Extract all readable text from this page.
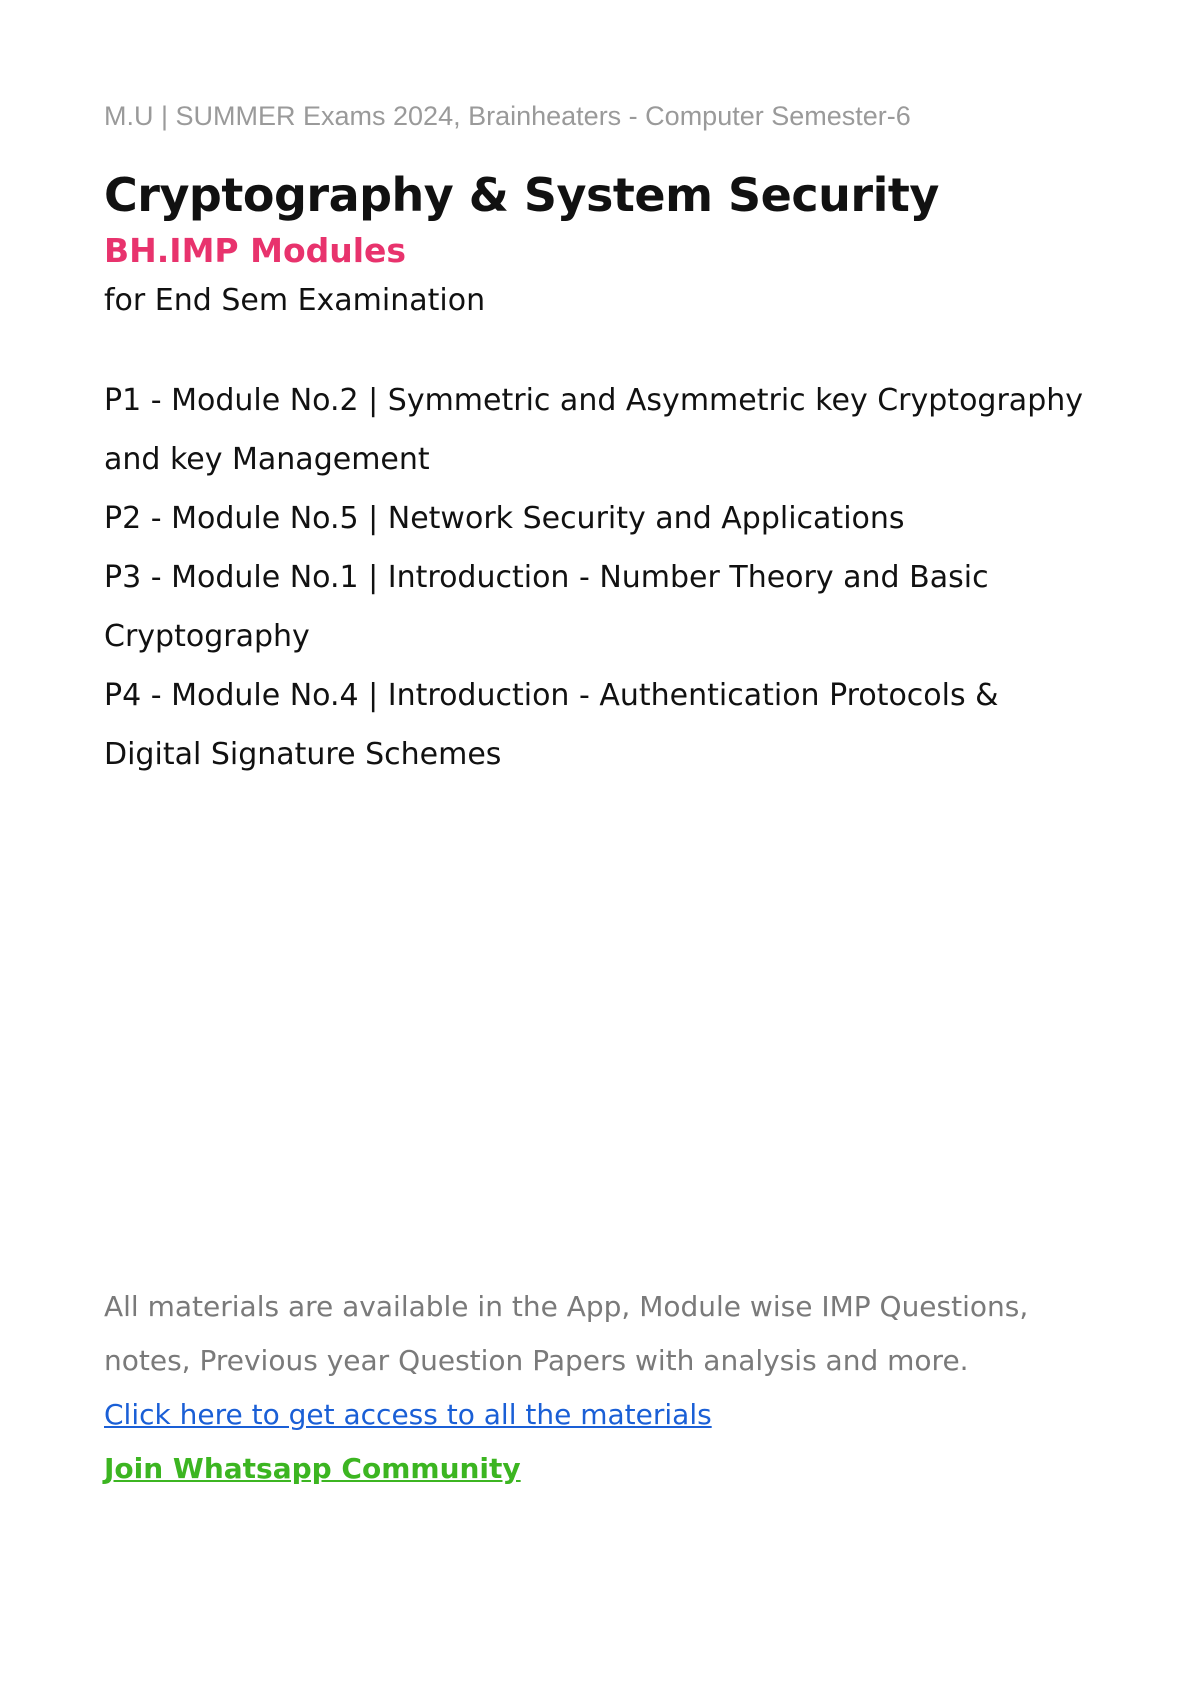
M.U | SUMMER Exams 2024, Brainheaters - Computer Semester-6

Cryptography & System Security
BH.IMP Modules
for End Sem Examination
P1 - Module No.2 | Symmetric and Asymmetric key Cryptography and key Management
P2 - Module No.5 | Network Security and Applications
P3 - Module No.1 | Introduction - Number Theory and Basic Cryptography
P4 - Module No.4 | Introduction - Authentication Protocols & Digital Signature Schemes

All materials are available in the App, Module wise IMP Questions, notes, Previous year Question Papers with analysis and more.

Click here to get access to all the materials
Join Whatsapp Community
